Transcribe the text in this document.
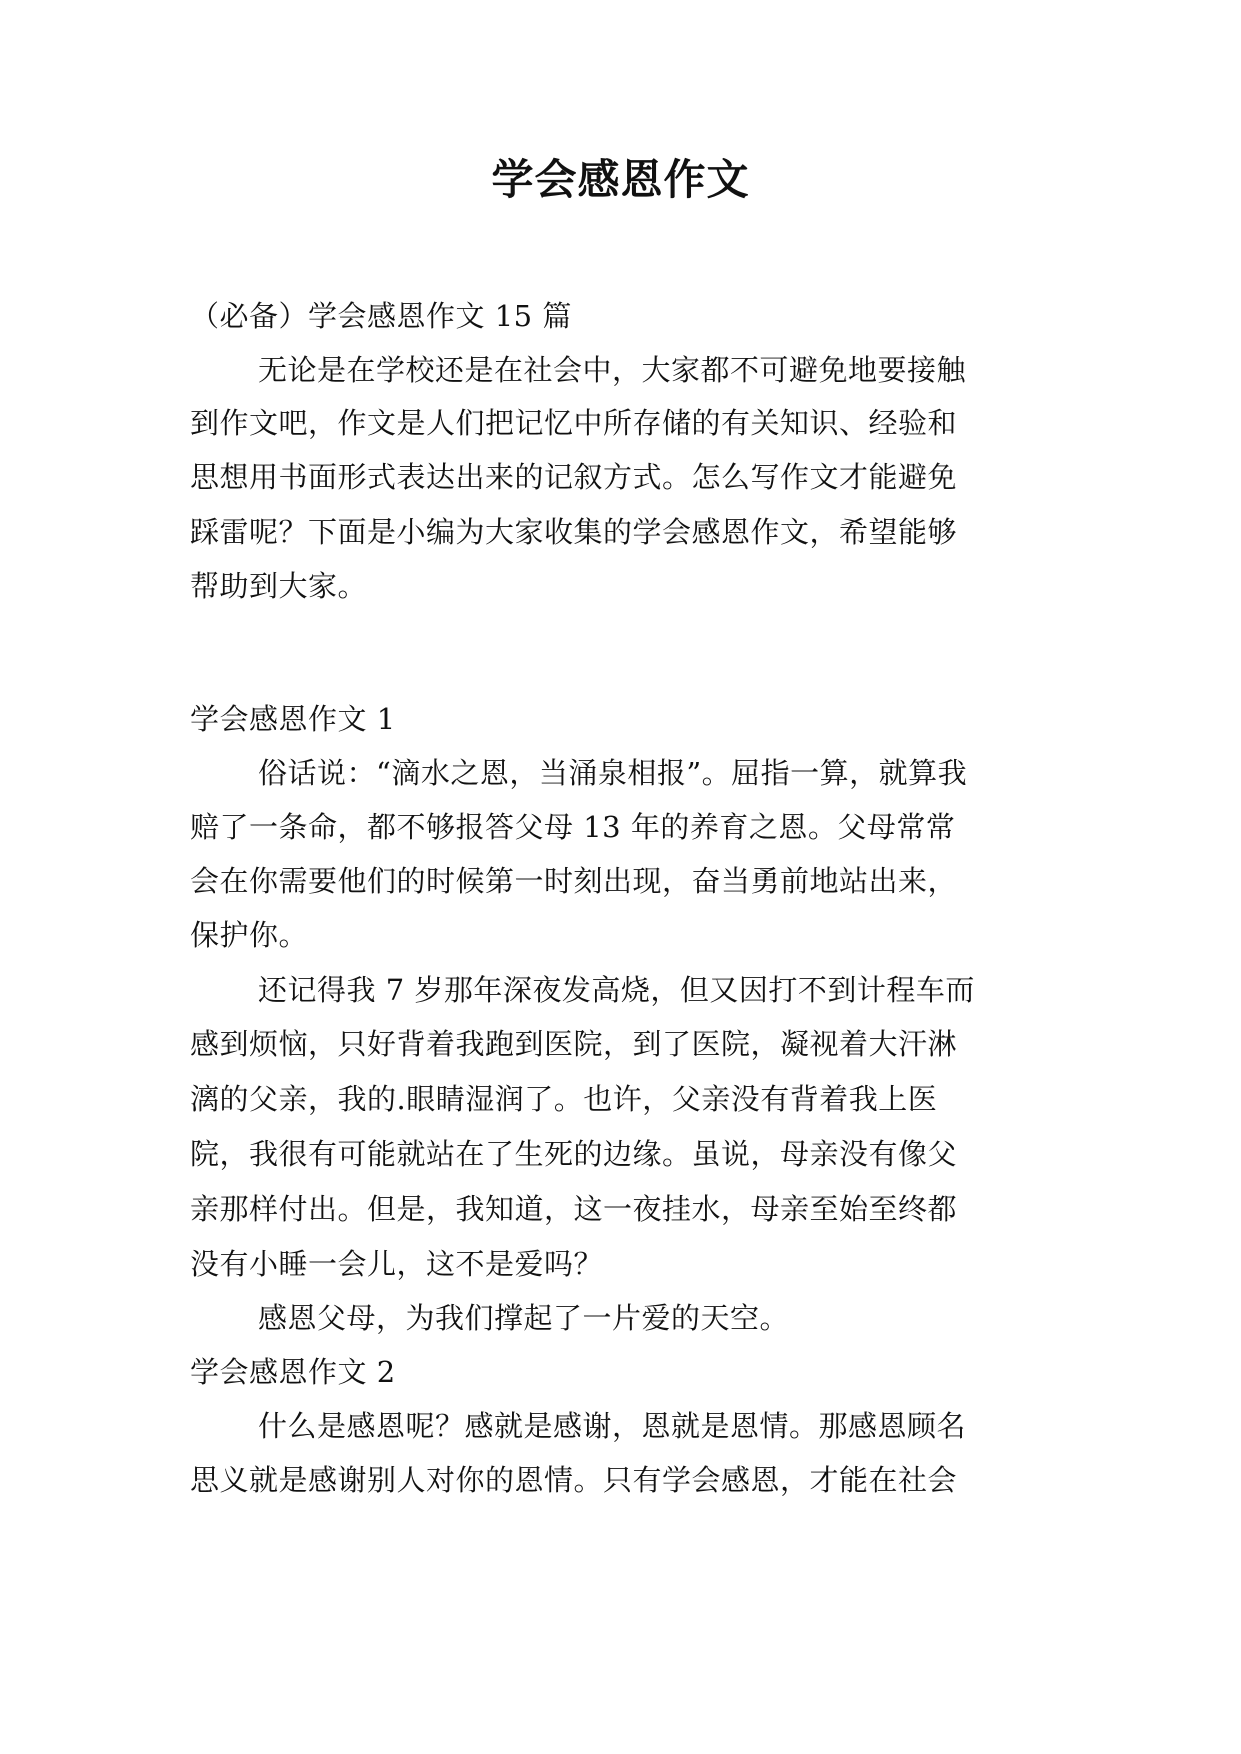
学会感恩作文

（必备）学会感恩作文 15 篇

无论是在学校还是在社会中，大家都不可避免地要接触

到作文吧，作文是人们把记忆中所存储的有关知识、经验和

思想用书面形式表达出来的记叙方式。怎么写作文才能避免

踩雷呢？下面是小编为大家收集的学会感恩作文，希望能够

帮助到大家。

学会感恩作文 1

俗话说：“滴水之恩，当涌泉相报”。屈指一算，就算我

赔了一条命，都不够报答父母 13 年的养育之恩。父母常常

会在你需要他们的时候第一时刻出现，奋当勇前地站出来，

保护你。

还记得我 7 岁那年深夜发高烧，但又因打不到计程车而

感到烦恼，只好背着我跑到医院，到了医院，凝视着大汗淋

漓的父亲，我的.眼睛湿润了。也许，父亲没有背着我上医

院，我很有可能就站在了生死的边缘。虽说，母亲没有像父

亲那样付出。但是，我知道，这一夜挂水，母亲至始至终都

没有小睡一会儿，这不是爱吗？

感恩父母，为我们撑起了一片爱的天空。

学会感恩作文 2

什么是感恩呢？感就是感谢，恩就是恩情。那感恩顾名

思义就是感谢别人对你的恩情。只有学会感恩，才能在社会
